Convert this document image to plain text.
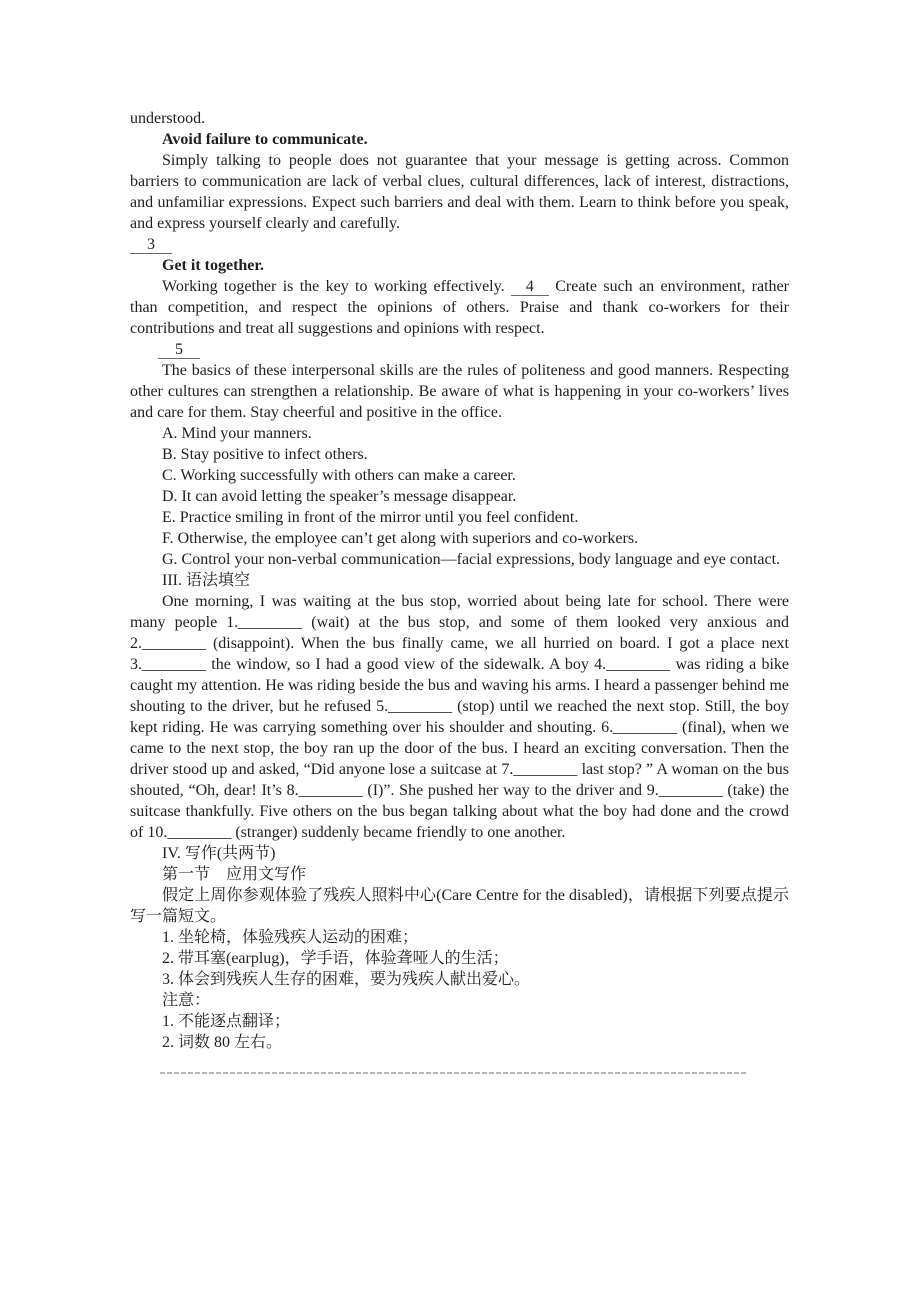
understood.
Avoid failure to communicate.
Simply talking to people does not guarantee that your message is getting across. Common barriers to communication are lack of verbal clues, cultural differences, lack of interest, distractions, and unfamiliar expressions. Expect such barriers and deal with them. Learn to think before you speak, and express yourself clearly and carefully.
3
Get it together.
Working together is the key to working effectively. 4 Create such an environment, rather than competition, and respect the opinions of others. Praise and thank co-workers for their contributions and treat all suggestions and opinions with respect.
5
The basics of these interpersonal skills are the rules of politeness and good manners. Respecting other cultures can strengthen a relationship. Be aware of what is happening in your co-workers’ lives and care for them. Stay cheerful and positive in the office.
A. Mind your manners.
B. Stay positive to infect others.
C. Working successfully with others can make a career.
D. It can avoid letting the speaker’s message disappear.
E. Practice smiling in front of the mirror until you feel confident.
F. Otherwise, the employee can’t get along with superiors and co-workers.
G. Control your non-verbal communication—facial expressions, body language and eye contact.
III. 语法填空
One morning, I was waiting at the bus stop, worried about being late for school. There were many people 1.________ (wait) at the bus stop, and some of them looked very anxious and 2.________ (disappoint). When the bus finally came, we all hurried on board. I got a place next 3.________ the window, so I had a good view of the sidewalk. A boy 4.________ was riding a bike caught my attention. He was riding beside the bus and waving his arms. I heard a passenger behind me shouting to the driver, but he refused 5.________ (stop) until we reached the next stop. Still, the boy kept riding. He was carrying something over his shoulder and shouting. 6.________ (final), when we came to the next stop, the boy ran up the door of the bus. I heard an exciting conversation. Then the driver stood up and asked, “Did anyone lose a suitcase at 7.________ last stop? ” A woman on the bus shouted, “Oh, dear! It’s 8.________ (I)”. She pushed her way to the driver and 9.________ (take) the suitcase thankfully. Five others on the bus began talking about what the boy had done and the crowd of 10.________ (stranger) suddenly became friendly to one another.
IV. 写作(共两节)
第一节　应用文写作
假定上周你参观体验了残疾人照料中心(Care Centre for the disabled)，请根据下列要点提示写一篇短文。
1. 坐轮椅，体验残疾人运动的困难；
2. 带耳塞(earplug)，学手语，体验聋哑人的生活；
3. 体会到残疾人生存的困难，要为残疾人献出爱心。
注意：
1. 不能逐点翻译；
2. 词数 80 左右。
